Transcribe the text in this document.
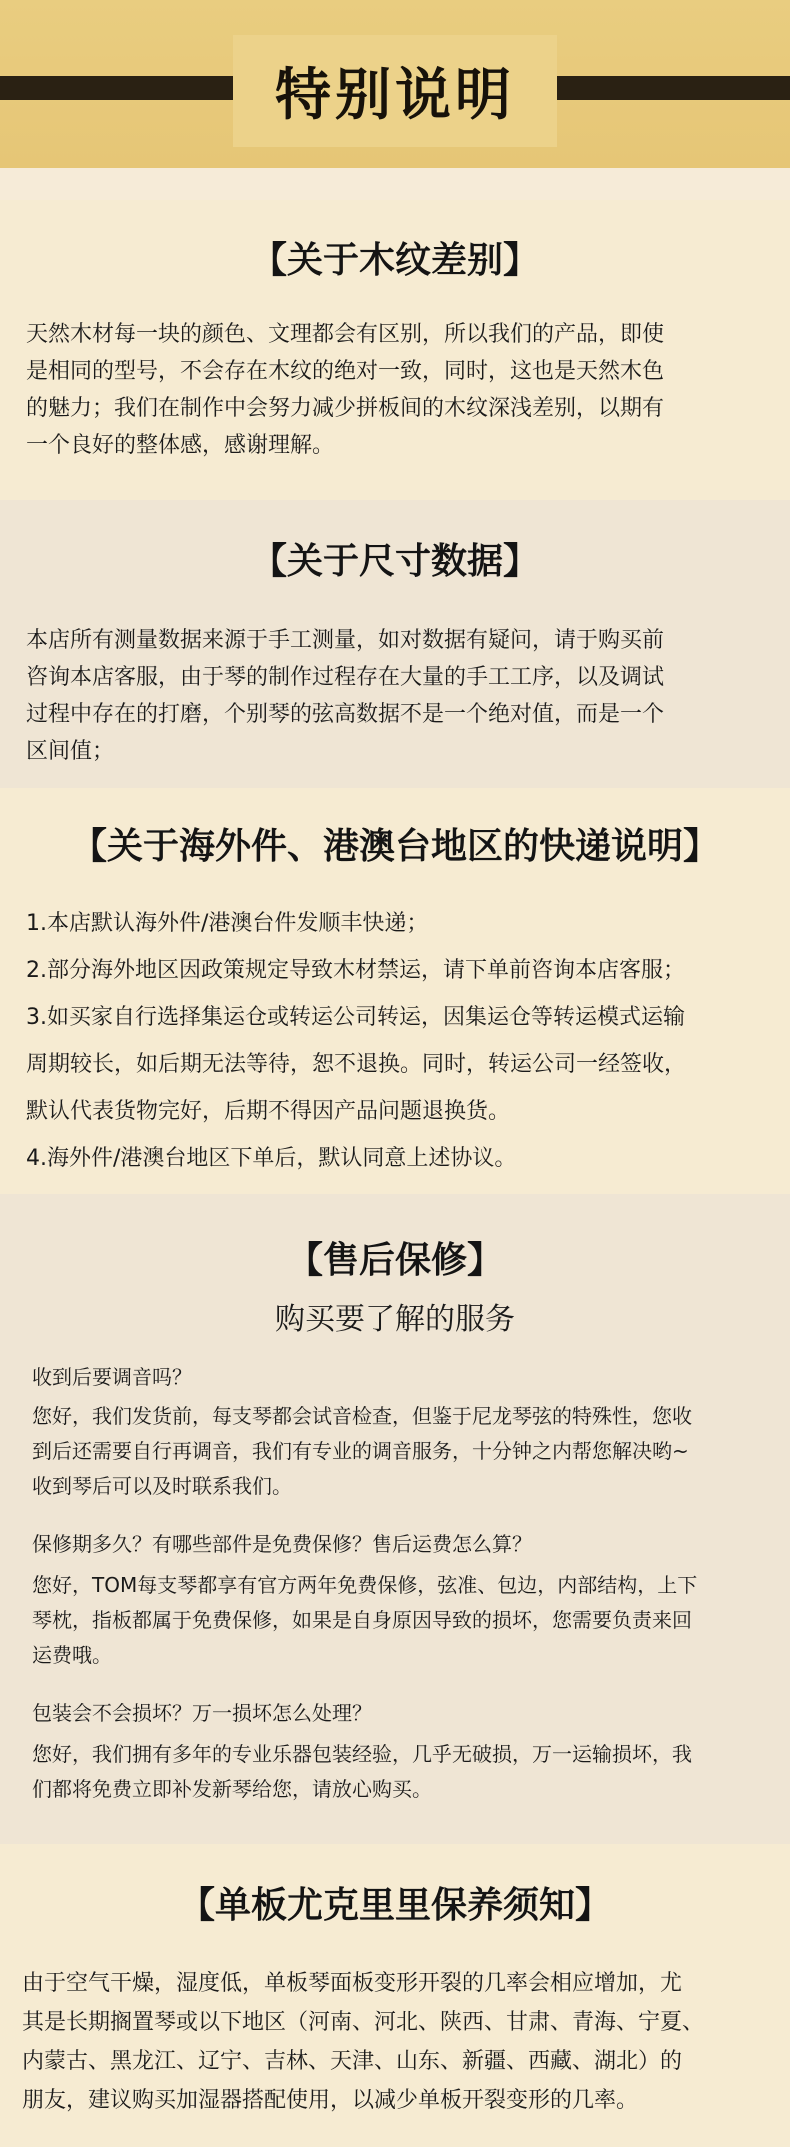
特别说明
【关于木纹差别】
天然木材每一块的颜色、文理都会有区别，所以我们的产品，即使
是相同的型号，不会存在木纹的绝对一致，同时，这也是天然木色
的魅力；我们在制作中会努力减少拼板间的木纹深浅差别，以期有
一个良好的整体感，感谢理解。
【关于尺寸数据】
本店所有测量数据来源于手工测量，如对数据有疑问，请于购买前
咨询本店客服，由于琴的制作过程存在大量的手工工序，以及调试
过程中存在的打磨，个别琴的弦高数据不是一个绝对值，而是一个
区间值；
【关于海外件、港澳台地区的快递说明】
1.本店默认海外件/港澳台件发顺丰快递；
2.部分海外地区因政策规定导致木材禁运，请下单前咨询本店客服；
3.如买家自行选择集运仓或转运公司转运，因集运仓等转运模式运输
周期较长，如后期无法等待，恕不退换。同时，转运公司一经签收，
默认代表货物完好，后期不得因产品问题退换货。
4.海外件/港澳台地区下单后，默认同意上述协议。
【售后保修】
购买要了解的服务
收到后要调音吗？
您好，我们发货前，每支琴都会试音检查，但鉴于尼龙琴弦的特殊性，您收
到后还需要自行再调音，我们有专业的调音服务，十分钟之内帮您解决哟~
收到琴后可以及时联系我们。
保修期多久？有哪些部件是免费保修？售后运费怎么算？
您好，TOM每支琴都享有官方两年免费保修，弦准、包边，内部结构，上下
琴枕，指板都属于免费保修，如果是自身原因导致的损坏，您需要负责来回
运费哦。
包装会不会损坏？万一损坏怎么处理？
您好，我们拥有多年的专业乐器包装经验，几乎无破损，万一运输损坏，我
们都将免费立即补发新琴给您，请放心购买。
【单板尤克里里保养须知】
由于空气干燥，湿度低，单板琴面板变形开裂的几率会相应增加，尤
其是长期搁置琴或以下地区（河南、河北、陕西、甘肃、青海、宁夏、
内蒙古、黑龙江、辽宁、吉林、天津、山东、新疆、西藏、湖北）的
朋友，建议购买加湿器搭配使用，以减少单板开裂变形的几率。
